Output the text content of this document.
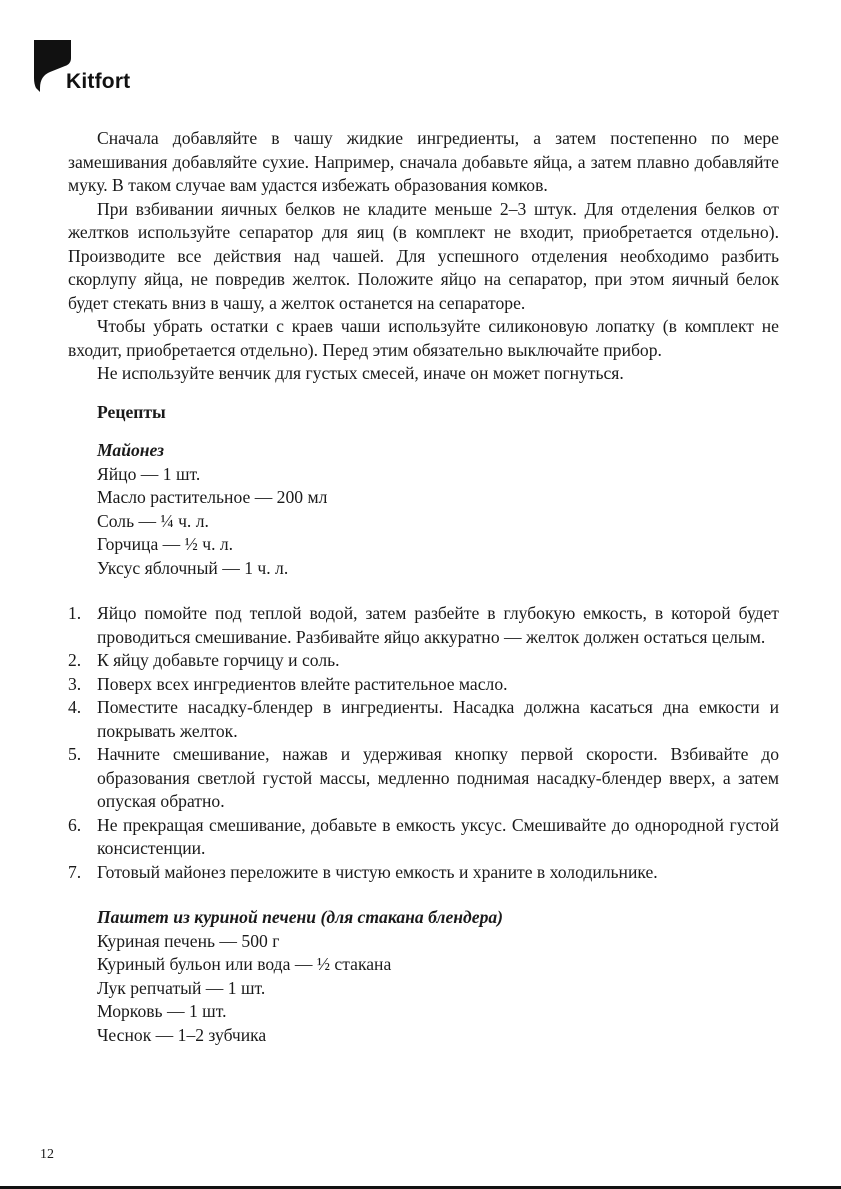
Kitfort

Сначала добавляйте в чашу жидкие ингредиенты, а затем постепенно по мере замешивания добавляйте сухие. Например, сначала добавьте яйца, а затем плавно добавляйте муку. В таком случае вам удастся избежать образования комков.

При взбивании яичных белков не кладите меньше 2–3 штук. Для отделения белков от желтков используйте сепаратор для яиц (в комплект не входит, приобретается отдельно). Производите все действия над чашей. Для успешного отделения необходимо разбить скорлупу яйца, не повредив желток. Положите яйцо на сепаратор, при этом яичный белок будет стекать вниз в чашу, а желток останется на сепараторе.

Чтобы убрать остатки с краев чаши используйте силиконовую лопатку (в комплект не входит, приобретается отдельно). Перед этим обязательно выключайте прибор.

Не используйте венчик для густых смесей, иначе он может погнуться.

Рецепты
Майонез
Яйцо — 1 шт.
Масло растительное — 200 мл
Соль — ¼ ч. л.
Горчица — ½ ч. л.
Уксус яблочный — 1 ч. л.
1. Яйцо помойте под теплой водой, затем разбейте в глубокую емкость, в которой будет проводиться смешивание. Разбивайте яйцо аккуратно — желток должен остаться целым.
2. К яйцу добавьте горчицу и соль.
3. Поверх всех ингредиентов влейте растительное масло.
4. Поместите насадку-блендер в ингредиенты. Насадка должна касаться дна емкости и покрывать желток.
5. Начните смешивание, нажав и удерживая кнопку первой скорости. Взбивайте до образования светлой густой массы, медленно поднимая насадку-блендер вверх, а затем опуская обратно.
6. Не прекращая смешивание, добавьте в емкость уксус. Смешивайте до однородной густой консистенции.
7. Готовый майонез переложите в чистую емкость и храните в холодильнике.
Паштет из куриной печени (для стакана блендера)
Куриная печень — 500 г
Куриный бульон или вода — ½ стакана
Лук репчатый — 1 шт.
Морковь — 1 шт.
Чеснок — 1–2 зубчика
12
